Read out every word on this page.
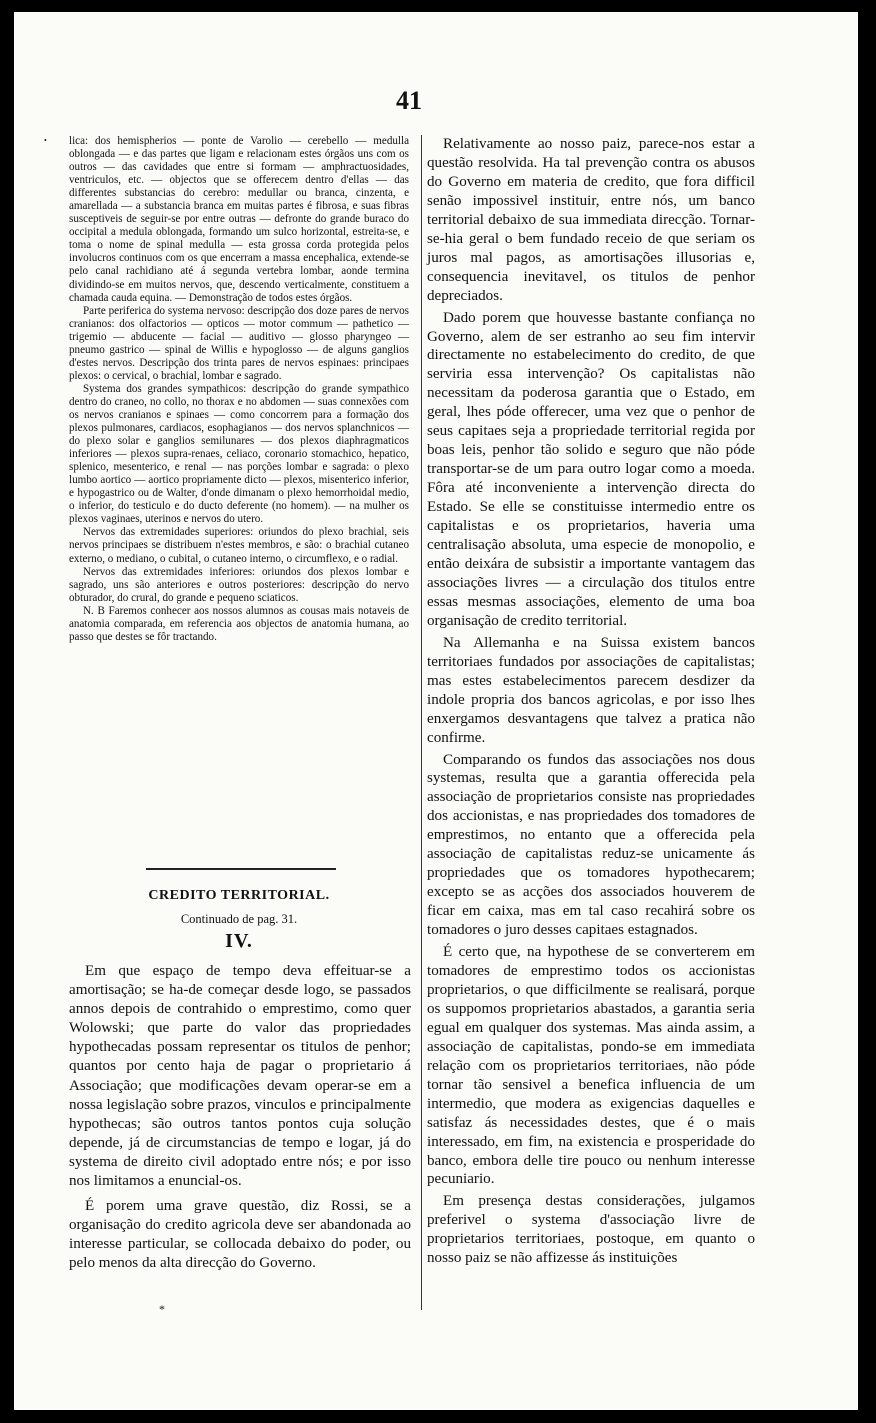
41
• lica: dos hemispherios — ponte de Varolio — cerebello — medulla oblongada — e das partes que ligam e relacionam estes órgãos uns com os outros — das cavidades que entre si formam — amphractuosidades, ventriculos, etc. — objectos que se offerecem dentro d'ellas — das differentes substancias do cerebro: medullar ou branca, cinzenta, e amarellada — a substancia branca em muitas partes é fibrosa, e suas fibras susceptiveis de seguir-se por entre outras — defronte do grande buraco do occipital a medula oblongada, formando um sulco horizontal, estreita-se, e toma o nome de spinal medulla — esta grossa corda protegida pelos involucros continuos com os que encerram a massa encephalica, extende-se pelo canal rachidiano até á segunda vertebra lombar, aonde termina dividindo-se em muitos nervos, que, descendo verticalmente, constituem a chamada cauda equina. — Demonstração de todos estes órgãos.

Parte periferica do systema nervoso: descripção dos doze pares de nervos cranianos: dos olfactorios — opticos — motor commum — pathetico — trigemio — abducente — facial — auditivo — glosso pharyngeo — pneumo gastrico — spinal de Willis e hypoglosso — de alguns ganglios d'estes nervos. Descripção dos trinta pares de nervos espinaes: principaes plexos: o cervical, o brachial, lombar e sagrado.

Systema dos grandes sympathicos: descripção do grande sympathico dentro do craneo, no collo, no thorax e no abdomen — suas connexões com os nervos cranianos e spinaes — como concorrem para a formação dos plexos pulmonares, cardiacos, esophagianos — dos nervos splanchnicos — do plexo solar e ganglios semilunares — dos plexos diaphragmaticos inferiores — plexos supra-renaes, celiaco, coronario stomachico, hepatico, splenico, mesenterico, e renal — nas porções lombar e sagrada: o plexo lumbo aortico — aortico propriamente dicto — plexos, misenterico inferior, e hypogastrico ou de Walter, d'onde dimanam o plexo hemorrhoidal medio, o inferior, do testiculo e do ducto deferente (no homem). — na mulher os plexos vaginaes, uterinos e nervos do utero.

Nervos das extremidades superiores: oriundos do plexo brachial, seis nervos principaes se distribuem n'estes membros, e são: o brachial cutaneo externo, o mediano, o cubital, o cutaneo interno, o circumflexo, e o radial.

Nervos das extremidades inferiores: oriundos dos plexos lombar e sagrado, uns são anteriores e outros posteriores: descripção do nervo obturador, do crural, do grande e pequeno sciaticos.

N. B Faremos conhecer aos nossos alumnos as cousas mais notaveis de anatomia comparada, em referencia aos objectos de anatomia humana, ao passo que destes se fôr tractando.

CREDITO TERRITORIAL.
Continuado de pag. 31.
IV.

Em que espaço de tempo deva effeituar-se a amortisação; se ha-de começar desde logo, se passados annos depois de contrahido o emprestimo, como quer Wolowski; que parte do valor das propriedades hypothecadas possam representar os titulos de penhor; quantos por cento haja de pagar o proprietario á Associação; que modificações devam operar-se em a nossa legislação sobre prazos, vinculos e principalmente hypothecas; são outros tantos pontos cuja solução depende, já de circumstancias de tempo e logar, já do systema de direito civil adoptado entre nós; e por isso nos limitamos a enuncial-os.

É porem uma grave questão, diz Rossi, se a organisação do credito agricola deve ser abandonada ao interesse particular, se collocada debaixo do poder, ou pelo menos da alta direcção do Governo.

*

Relativamente ao nosso paiz, parece-nos estar a questão resolvida. Ha tal prevenção contra os abusos do Governo em materia de credito, que fora difficil senão impossivel instituir, entre nós, um banco territorial debaixo de sua immediata direcção. Tornar-se-hia geral o bem fundado receio de que seriam os juros mal pagos, as amortisações illusorias e, consequencia inevitavel, os titulos de penhor depreciados.

Dado porem que houvesse bastante confiança no Governo, alem de ser estranho ao seu fim intervir directamente no estabelecimento do credito, de que serviria essa intervenção? Os capitalistas não necessitam da poderosa garantia que o Estado, em geral, lhes póde offerecer, uma vez que o penhor de seus capitaes seja a propriedade territorial regida por boas leis, penhor tão solido e seguro que não póde transportar-se de um para outro logar como a moeda. Fôra até inconveniente a intervenção directa do Estado. Se elle se constituisse intermedio entre os capitalistas e os proprietarios, haveria uma centralisação absoluta, uma especie de monopolio, e então deixára de subsistir a importante vantagem das associações livres — a circulação dos titulos entre essas mesmas associações, elemento de uma boa organisação de credito territorial.

Na Allemanha e na Suissa existem bancos territoriaes fundados por associações de capitalistas; mas estes estabelecimentos parecem desdizer da indole propria dos bancos agricolas, e por isso lhes enxergamos desvantagens que talvez a pratica não confirme.

Comparando os fundos das associações nos dous systemas, resulta que a garantia offerecida pela associação de proprietarios consiste nas propriedades dos accionistas, e nas propriedades dos tomadores de emprestimos, no entanto que a offerecida pela associação de capitalistas reduz-se unicamente ás propriedades que os tomadores hypothecarem; excepto se as acções dos associados houverem de ficar em caixa, mas em tal caso recahirá sobre os tomadores o juro desses capitaes estagnados.

É certo que, na hypothese de se converterem em tomadores de emprestimo todos os accionistas proprietarios, o que difficilmente se realisará, porque os suppomos proprietarios abastados, a garantia seria egual em qualquer dos systemas. Mas ainda assim, a associação de capitalistas, pondo-se em immediata relação com os proprietarios territoriaes, não póde tornar tão sensivel a benefica influencia de um intermedio, que modera as exigencias daquelles e satisfaz ás necessidades destes, que é o mais interessado, em fim, na existencia e prosperidade do banco, embora delle tire pouco ou nenhum interesse pecuniario.

Em presença destas considerações, julgamos preferivel o systema d'associação livre de proprietarios territoriaes, postoque, em quanto o nosso paiz se não affizesse ás instituições
